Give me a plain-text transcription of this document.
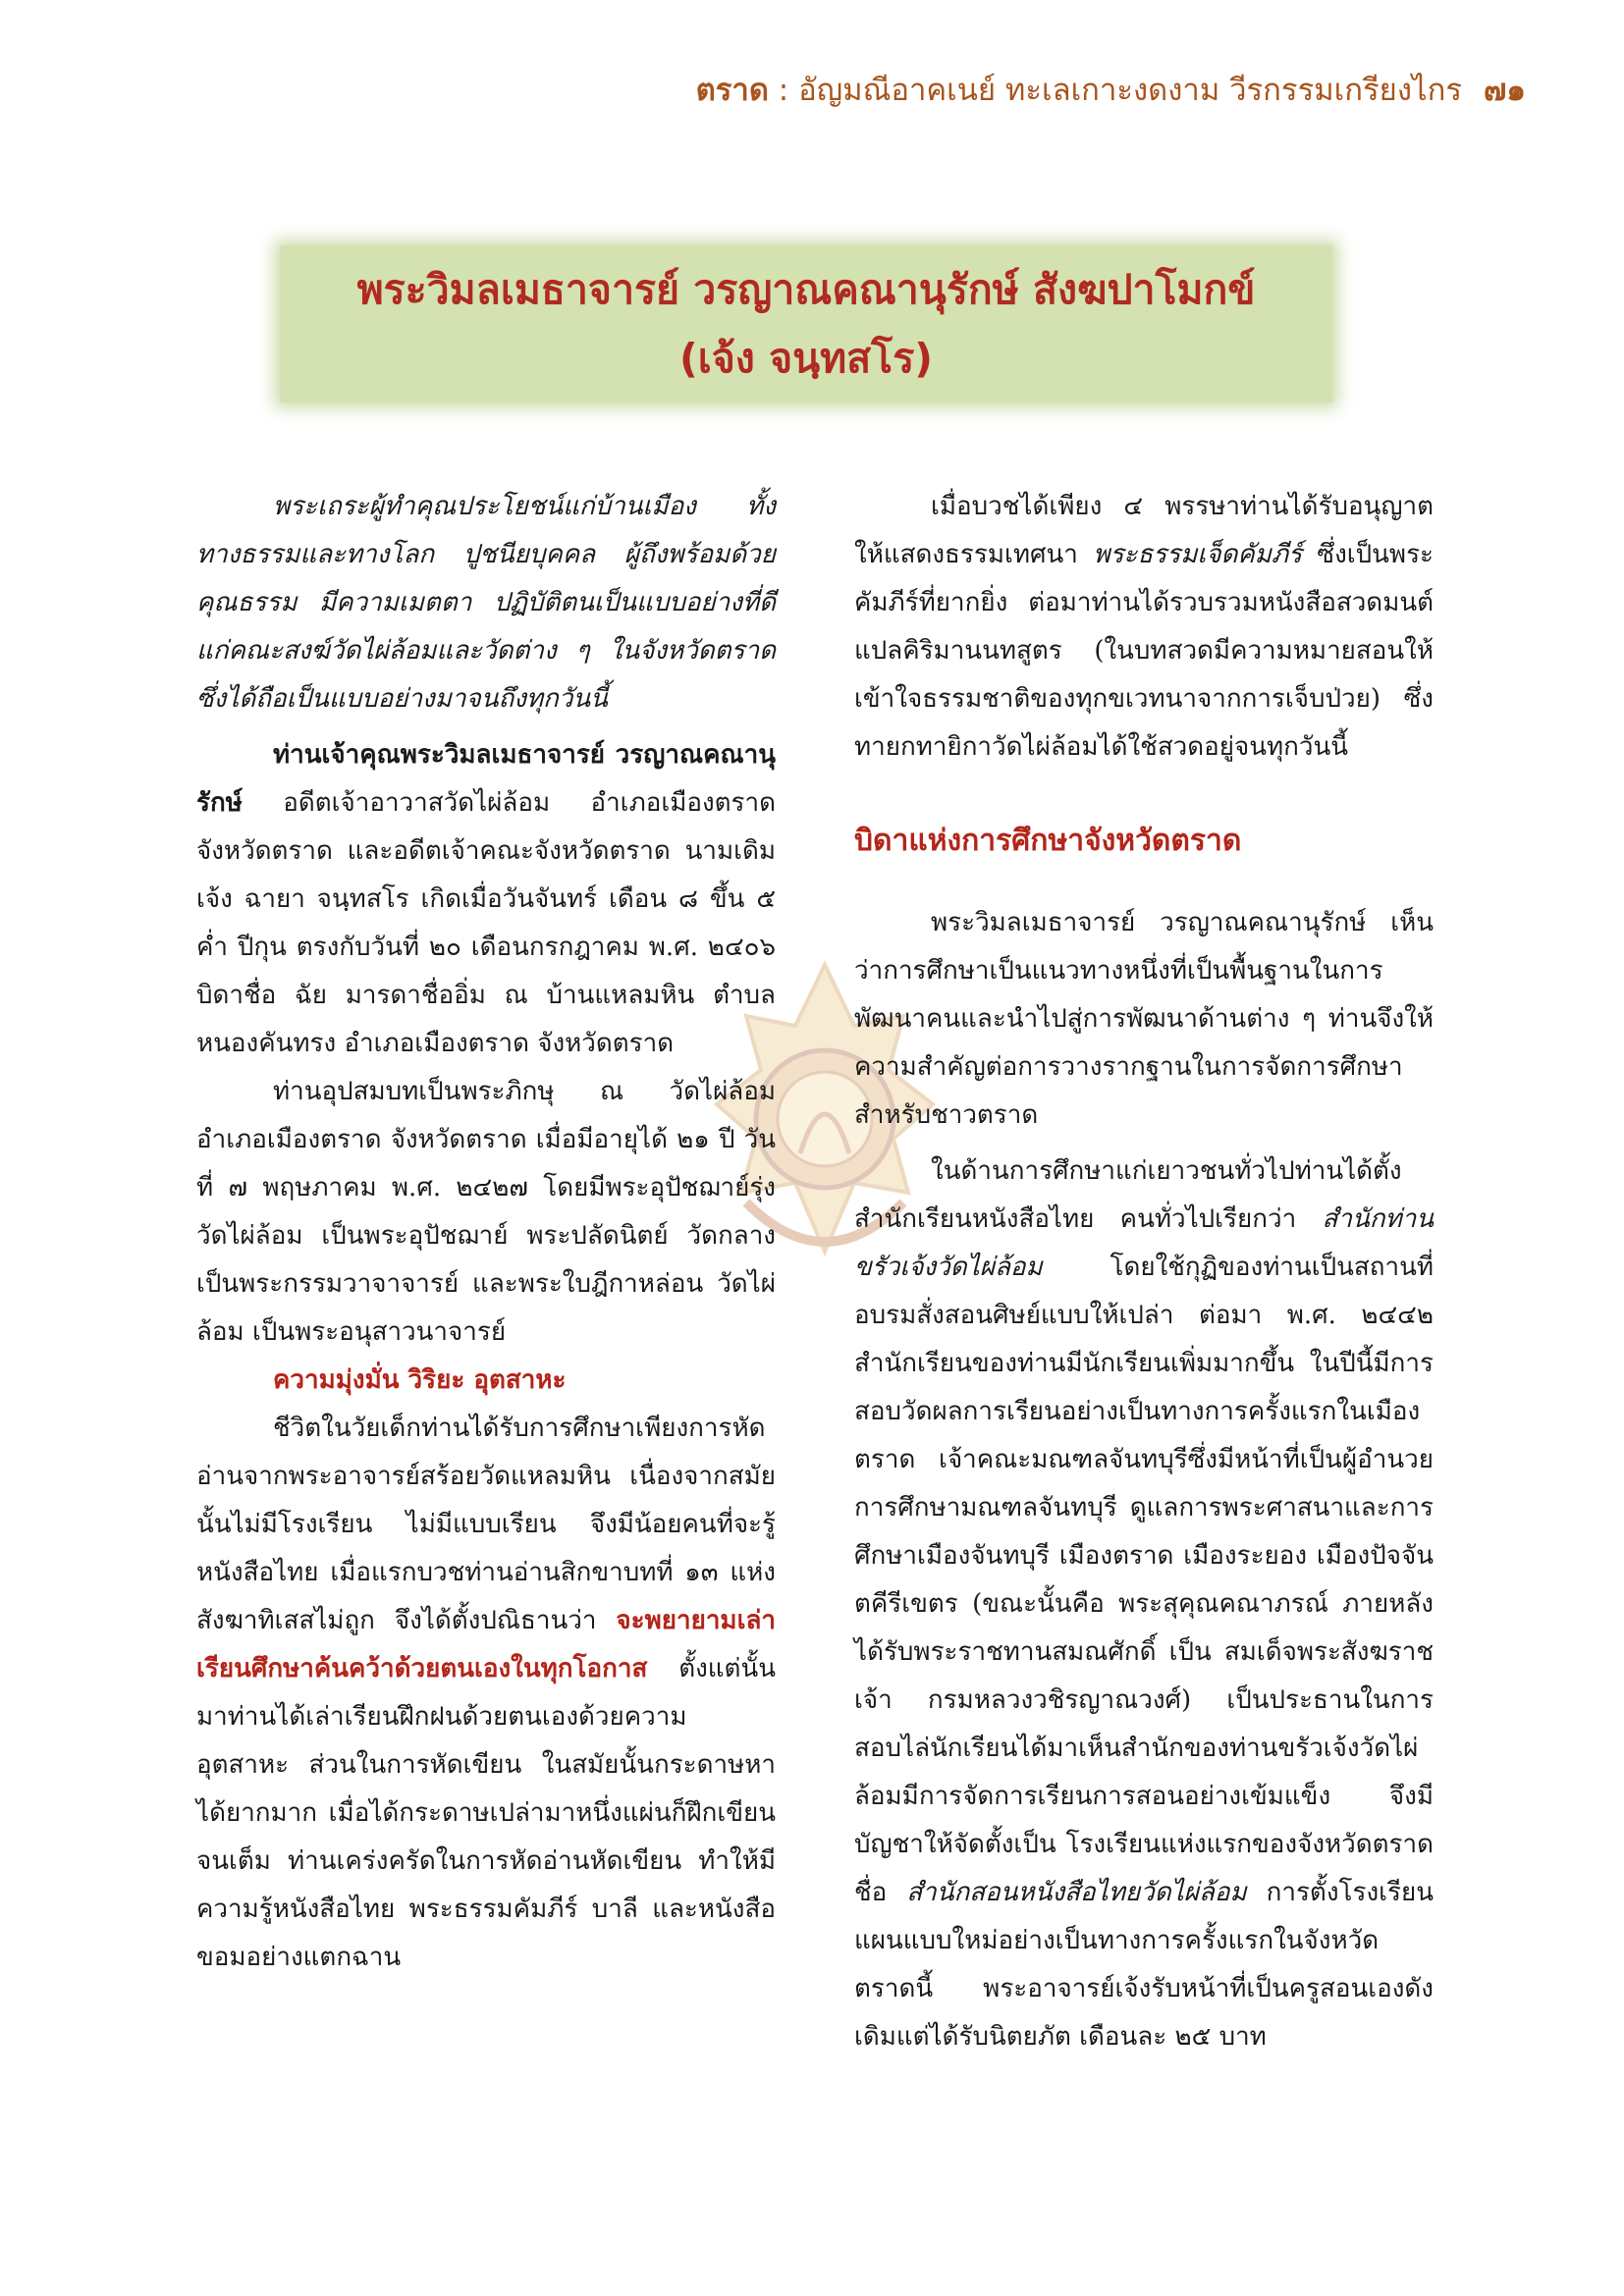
ตราด : อัญมณีอาคเนย์ ทะเลเกาะงดงาม วีรกรรมเกรียงไกร ๗๑
พระวิมลเมธาจารย์ วรญาณคณานุรักษ์ สังฆปาโมกข์
(เจ้ง จนฺทสโร)

พระเถระผู้ทำคุณประโยชน์แก่บ้านเมือง ทั้งทางธรรมและทางโลก ปูชนียบุคคล ผู้ถึงพร้อมด้วยคุณธรรม มีความเมตตา ปฏิบัติตนเป็นแบบอย่างที่ดีแก่คณะสงฆ์วัดไผ่ล้อมและวัดต่าง ๆ ในจังหวัดตราด ซึ่งได้ถือเป็นแบบอย่างมาจนถึงทุกวันนี้

ท่านเจ้าคุณพระวิมลเมธาจารย์ วรญาณคณานุรักษ์ อดีตเจ้าอาวาสวัดไผ่ล้อม อำเภอเมืองตราด จังหวัดตราด และอดีตเจ้าคณะจังหวัดตราด นามเดิม เจ้ง ฉายา จนฺทสโร เกิดเมื่อวันจันทร์ เดือน ๘ ขึ้น ๕ ค่ำ ปีกุน ตรงกับวันที่ ๒๐ เดือนกรกฎาคม พ.ศ. ๒๔๐๖ บิดาชื่อ ฉัย มารดาชื่ออิ่ม ณ บ้านแหลมหิน ตำบลหนองคันทรง อำเภอเมืองตราด จังหวัดตราด

ท่านอุปสมบทเป็นพระภิกษุ ณ วัดไผ่ล้อม อำเภอเมืองตราด จังหวัดตราด เมื่อมีอายุได้ ๒๑ ปี วันที่ ๗ พฤษภาคม พ.ศ. ๒๔๒๗ โดยมีพระอุปัชฌาย์รุ่ง วัดไผ่ล้อม เป็นพระอุปัชฌาย์ พระปลัดนิตย์ วัดกลาง เป็นพระกรรมวาจาจารย์ และพระใบฎีกาหล่อน วัดไผ่ล้อม เป็นพระอนุสาวนาจารย์

ความมุ่งมั่น วิริยะ อุตสาหะ

ชีวิตในวัยเด็กท่านได้รับการศึกษาเพียงการหัดอ่านจากพระอาจารย์สร้อยวัดแหลมหิน เนื่องจากสมัยนั้นไม่มีโรงเรียน ไม่มีแบบเรียน จึงมีน้อยคนที่จะรู้หนังสือไทย เมื่อแรกบวชท่านอ่านสิกขาบทที่ ๑๓ แห่งสังฆาทิเสสไม่ถูก จึงได้ตั้งปณิธานว่า จะพยายามเล่าเรียนศึกษาค้นคว้าด้วยตนเองในทุกโอกาส ตั้งแต่นั้นมาท่านได้เล่าเรียนฝึกฝนด้วยตนเองด้วยความอุตสาหะ ส่วนในการหัดเขียน ในสมัยนั้นกระดาษหาได้ยากมาก เมื่อได้กระดาษเปล่ามาหนึ่งแผ่นก็ฝึกเขียนจนเต็ม ท่านเคร่งครัดในการหัดอ่านหัดเขียน ทำให้มีความรู้หนังสือไทย พระธรรมคัมภีร์ บาลี และหนังสือขอมอย่างแตกฉาน

เมื่อบวชได้เพียง ๔ พรรษาท่านได้รับอนุญาตให้แสดงธรรมเทศนา พระธรรมเจ็ดคัมภีร์ ซึ่งเป็นพระคัมภีร์ที่ยากยิ่ง ต่อมาท่านได้รวบรวมหนังสือสวดมนต์แปลคิริมานนทสูตร (ในบทสวดมีความหมายสอนให้เข้าใจธรรมชาติของทุกขเวทนาจากการเจ็บป่วย) ซึ่งทายกทายิกาวัดไผ่ล้อมได้ใช้สวดอยู่จนทุกวันนี้

บิดาแห่งการศึกษาจังหวัดตราด

พระวิมลเมธาจารย์ วรญาณคณานุรักษ์ เห็นว่าการศึกษาเป็นแนวทางหนึ่งที่เป็นพื้นฐานในการพัฒนาคนและนำไปสู่การพัฒนาด้านต่าง ๆ ท่านจึงให้ความสำคัญต่อการวางรากฐานในการจัดการศึกษาสำหรับชาวตราด

ในด้านการศึกษาแก่เยาวชนทั่วไปท่านได้ตั้งสำนักเรียนหนังสือไทย คนทั่วไปเรียกว่า สำนักท่านขรัวเจ้งวัดไผ่ล้อม โดยใช้กุฏิของท่านเป็นสถานที่อบรมสั่งสอนศิษย์แบบให้เปล่า ต่อมา พ.ศ. ๒๔๔๒ สำนักเรียนของท่านมีนักเรียนเพิ่มมากขึ้น ในปีนี้มีการสอบวัดผลการเรียนอย่างเป็นทางการครั้งแรกในเมืองตราด เจ้าคณะมณฑลจันทบุรีซึ่งมีหน้าที่เป็นผู้อำนวยการศึกษามณฑลจันทบุรี ดูแลการพระศาสนาและการศึกษาเมืองจันทบุรี เมืองตราด เมืองระยอง เมืองปัจจันตคีรีเขตร (ขณะนั้นคือ พระสุคุณคณาภรณ์ ภายหลังได้รับพระราชทานสมณศักดิ์ เป็น สมเด็จพระสังฆราชเจ้า กรมหลวงวชิรญาณวงศ์) เป็นประธานในการสอบไล่นักเรียนได้มาเห็นสำนักของท่านขรัวเจ้งวัดไผ่ล้อมมีการจัดการเรียนการสอนอย่างเข้มแข็ง จึงมีบัญชาให้จัดตั้งเป็น โรงเรียนแห่งแรกของจังหวัดตราด ชื่อ สำนักสอนหนังสือไทยวัดไผ่ล้อม การตั้งโรงเรียนแผนแบบใหม่อย่างเป็นทางการครั้งแรกในจังหวัดตราดนี้ พระอาจารย์เจ้งรับหน้าที่เป็นครูสอนเองดังเดิมแต่ได้รับนิตยภัต เดือนละ ๒๕ บาท
